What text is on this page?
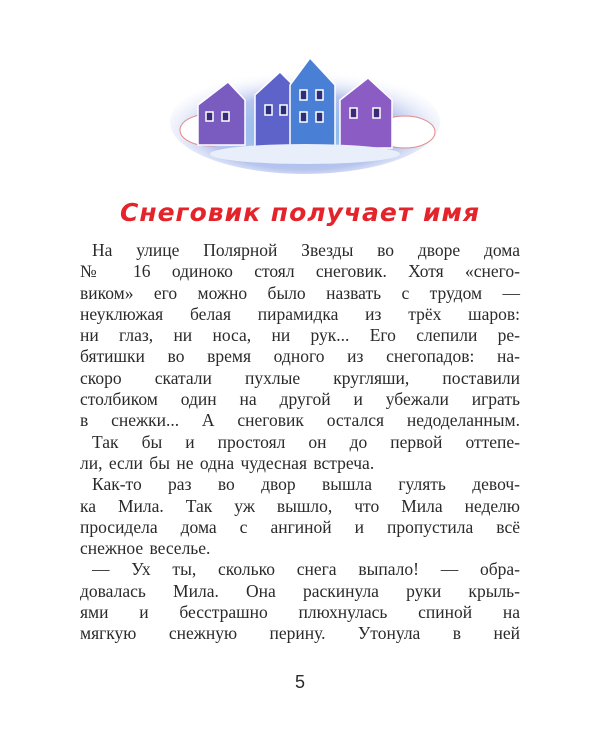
Снеговик получает имя
На улице Полярной Звезды во дворе дома
№ 16 одиноко стоял снеговик. Хотя «снего-
виком» его можно было назвать с трудом —
неуклюжая белая пирамидка из трёх шаров:
ни глаз, ни носа, ни рук... Его слепили ре-
бятишки во время одного из снегопадов: на-
скоро скатали пухлые кругляши, поставили
столбиком один на другой и убежали играть
в снежки... А снеговик остался недоделанным.
Так бы и простоял он до первой оттепе-
ли, если бы не одна чудесная встреча.
Как-то раз во двор вышла гулять девоч-
ка Мила. Так уж вышло, что Мила неделю
просидела дома с ангиной и пропустила всё
снежное веселье.
— Ух ты, сколько снега выпало! — обра-
довалась Мила. Она раскинула руки крыль-
ями и бесстрашно плюхнулась спиной на
мягкую снежную перину. Утонула в ней
5
